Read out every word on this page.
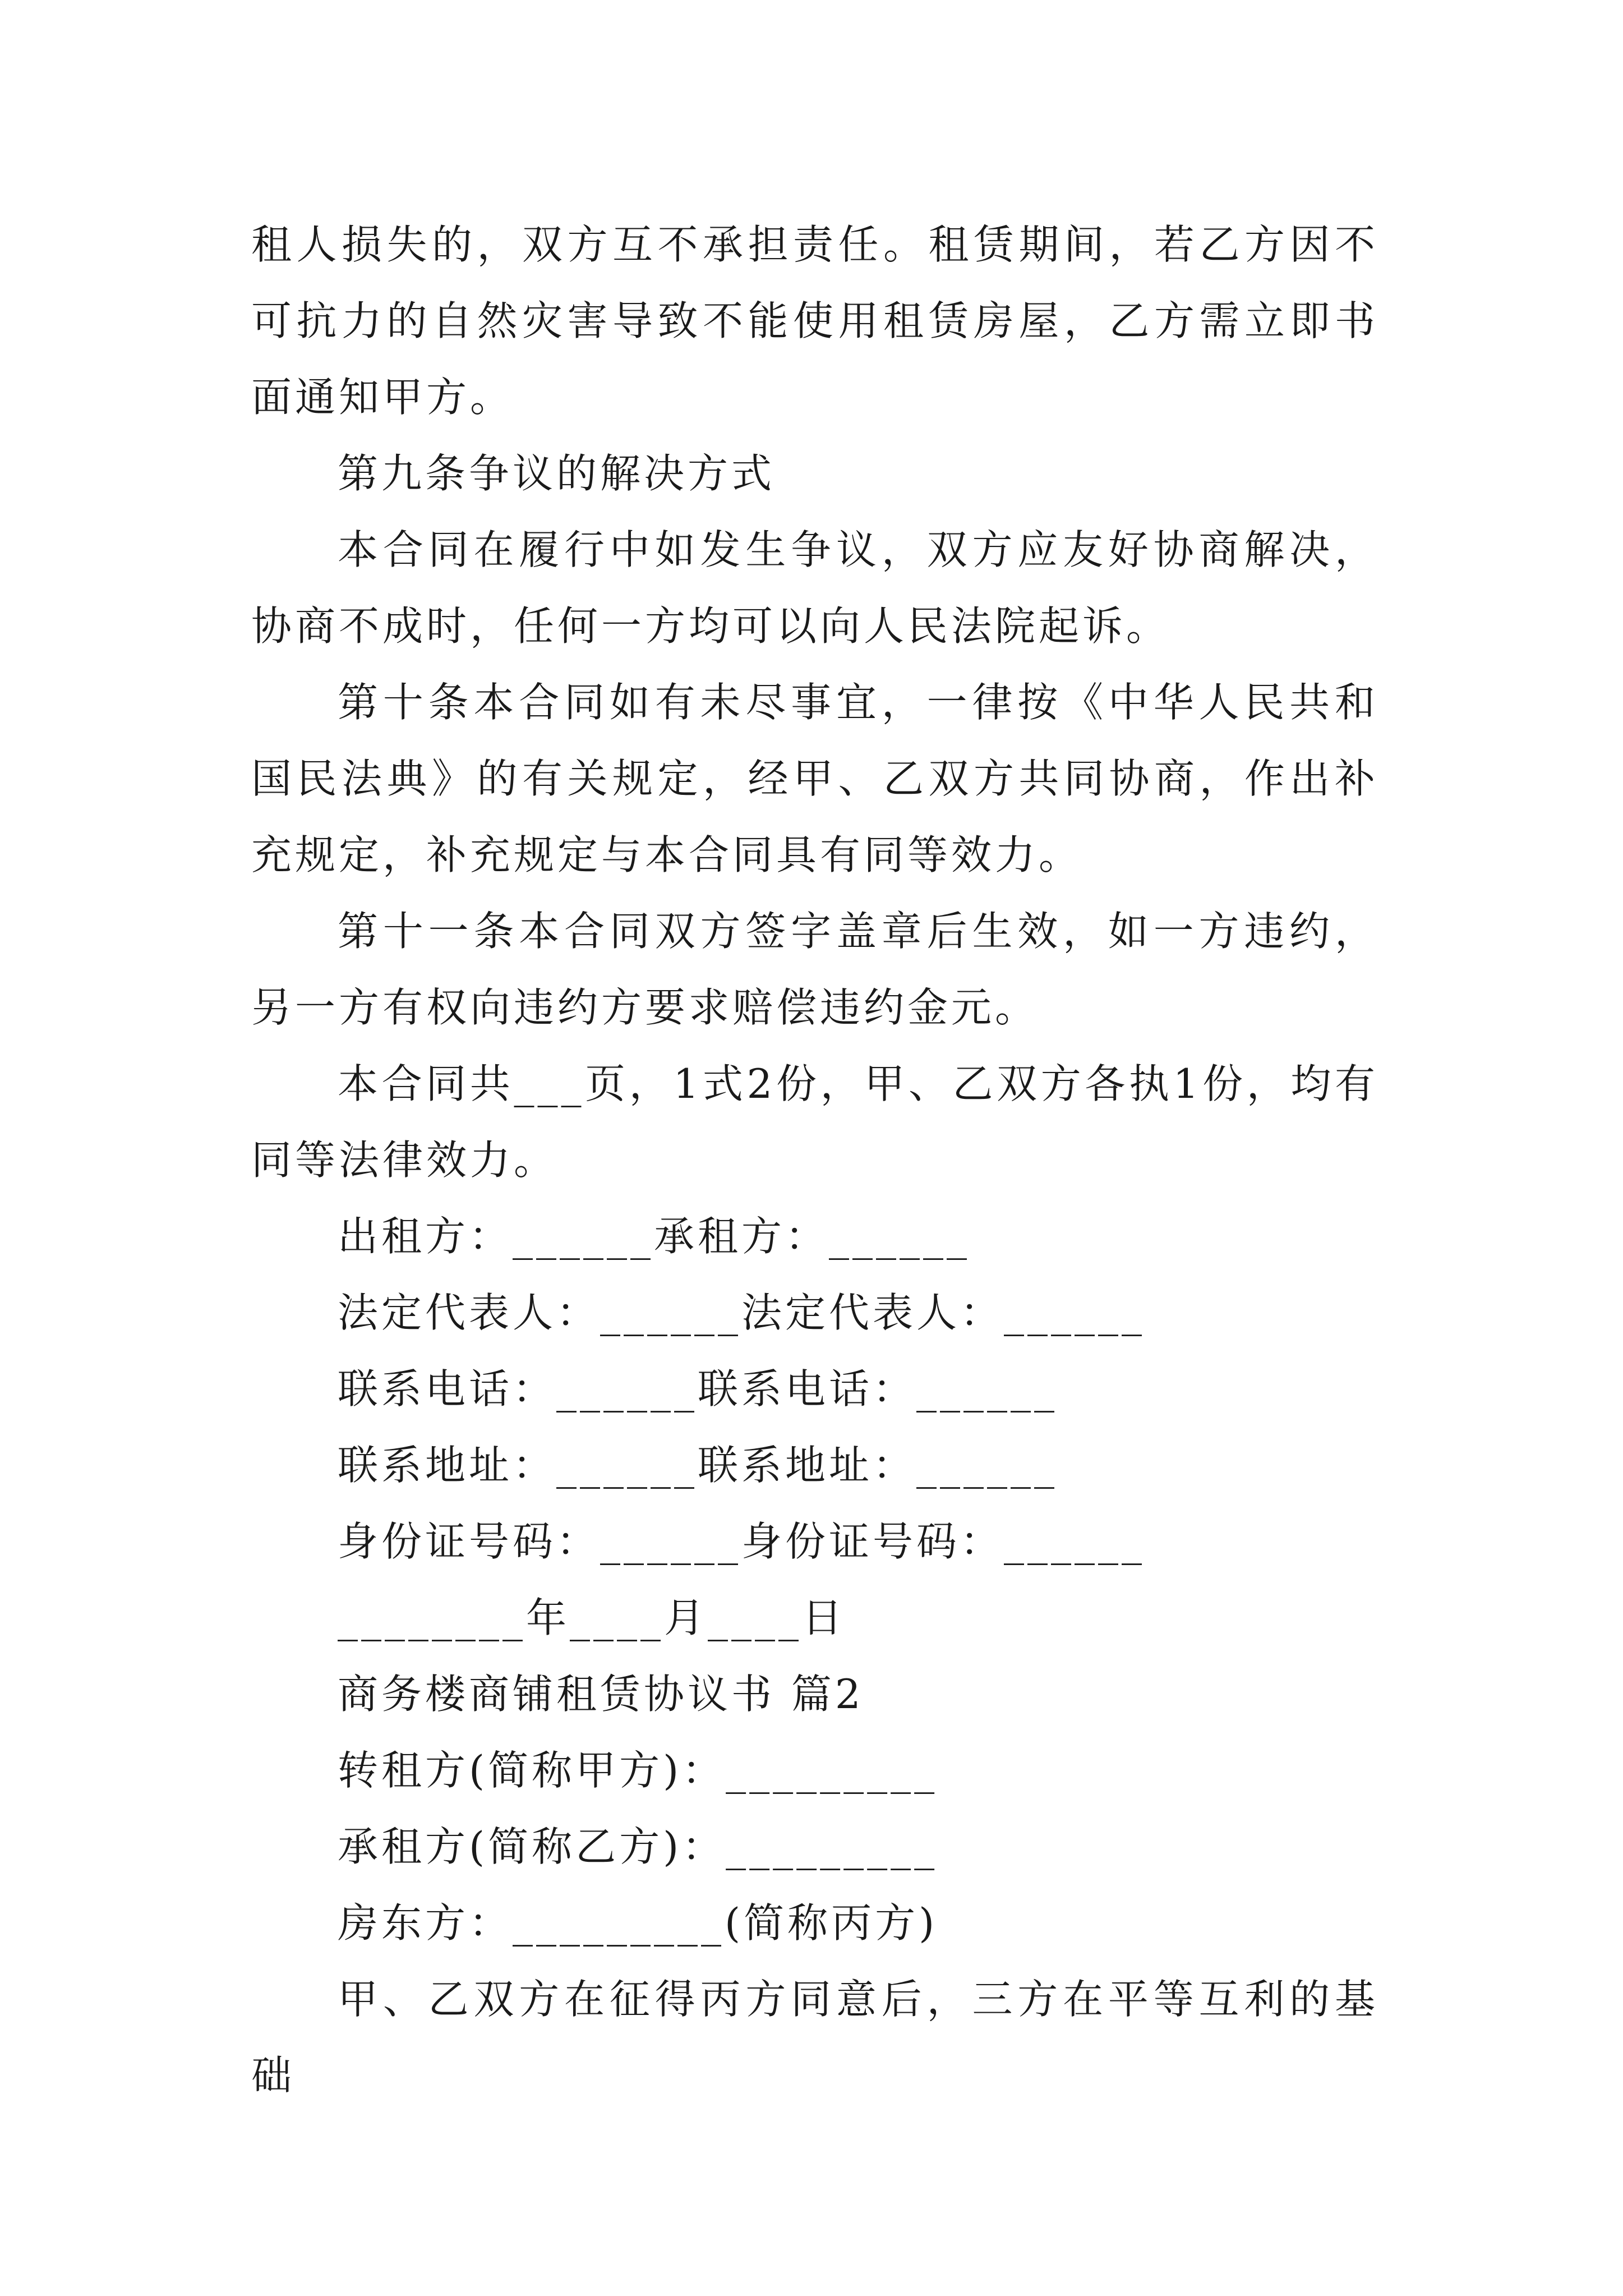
租人损失的，双方互不承担责任。租赁期间，若乙方因不可抗力的自然灾害导致不能使用租赁房屋，乙方需立即书面通知甲方。

第九条争议的解决方式

本合同在履行中如发生争议，双方应友好协商解决，协商不成时，任何一方均可以向人民法院起诉。

第十条本合同如有未尽事宜，一律按《中华人民共和国民法典》的有关规定，经甲、乙双方共同协商，作出补充规定，补充规定与本合同具有同等效力。

第十一条本合同双方签字盖章后生效，如一方违约，另一方有权向违约方要求赔偿违约金元。

本合同共___页，1式2份，甲、乙双方各执1份，均有同等法律效力。

出租方：______承租方：______

法定代表人：______法定代表人：______

联系电话：______联系电话：______

联系地址：______联系地址：______

身份证号码：______身份证号码：______

________年____月____日

商务楼商铺租赁协议书 篇2

转租方(简称甲方)：_________

承租方(简称乙方)：_________

房东方：_________(简称丙方)

甲、乙双方在征得丙方同意后，三方在平等互利的基础
